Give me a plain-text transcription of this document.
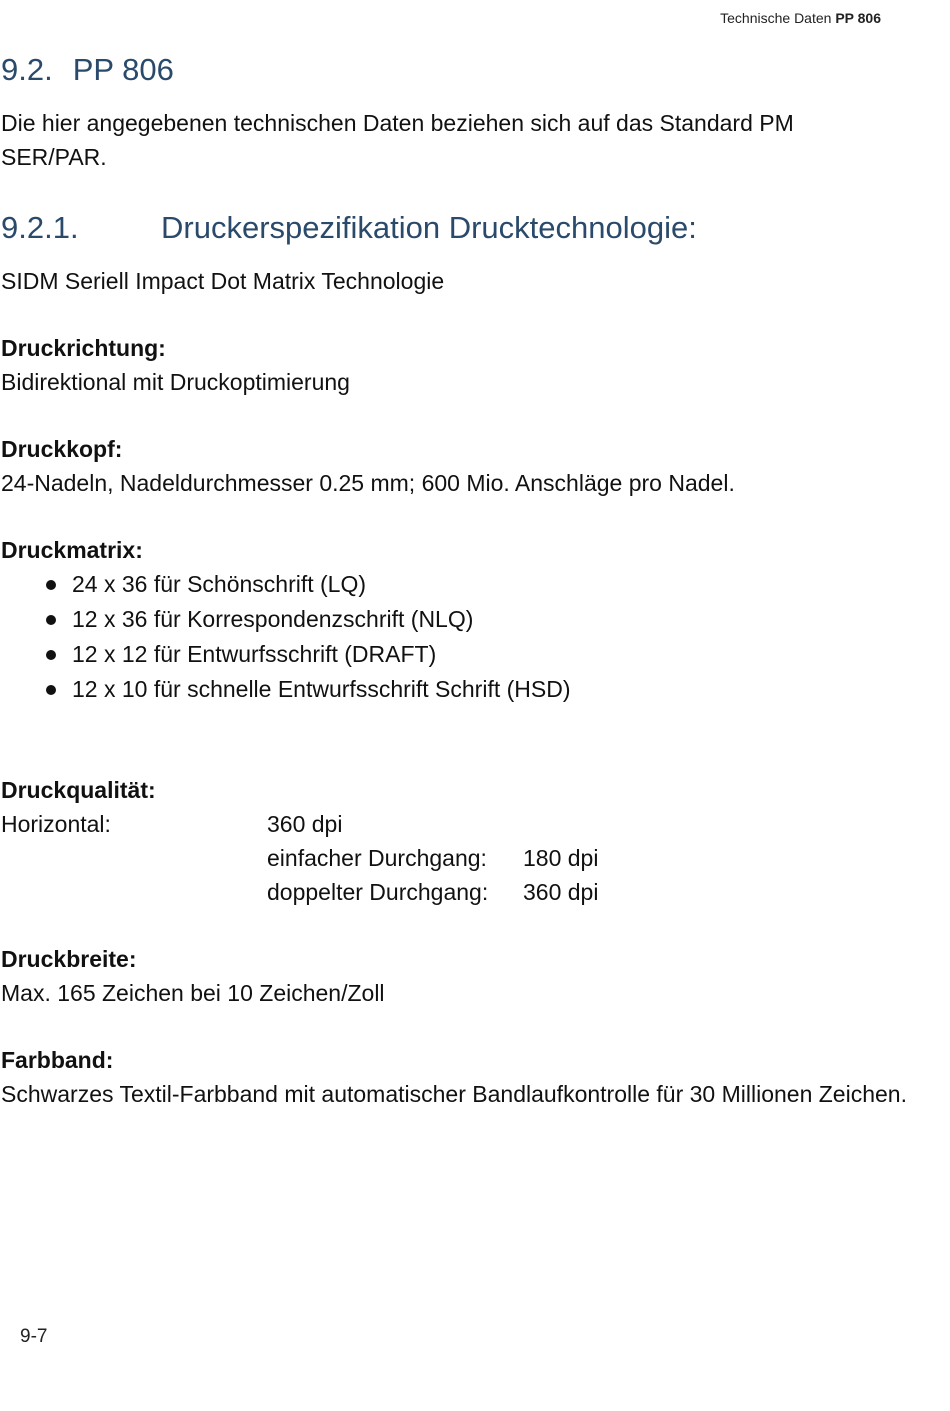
Technische Daten PP 806
9.2. PP 806

Die hier angegebenen technischen Daten beziehen sich auf das Standard PM SER/PAR.

9.2.1.	Druckerspezifikation Drucktechnologie:

SIDM Seriell Impact Dot Matrix Technologie

Druckrichtung:

Bidirektional mit Druckoptimierung

Druckkopf:

24-Nadeln, Nadeldurchmesser 0.25 mm; 600 Mio. Anschläge pro Nadel.

Druckmatrix:

24 x 36 für Schönschrift (LQ)
12 x 36 für Korrespondenzschrift (NLQ)
12 x 12 für Entwurfsschrift (DRAFT)
12 x 10 für schnelle Entwurfsschrift Schrift (HSD)

Druckqualität:

Horizontal:	360 dpi
einfacher Durchgang:	180 dpi
doppelter Durchgang:	360 dpi

Druckbreite:

Max. 165 Zeichen bei 10 Zeichen/Zoll

Farbband:

Schwarzes Textil-Farbband mit automatischer Bandlaufkontrolle für 30 Millionen Zeichen.

9-7
